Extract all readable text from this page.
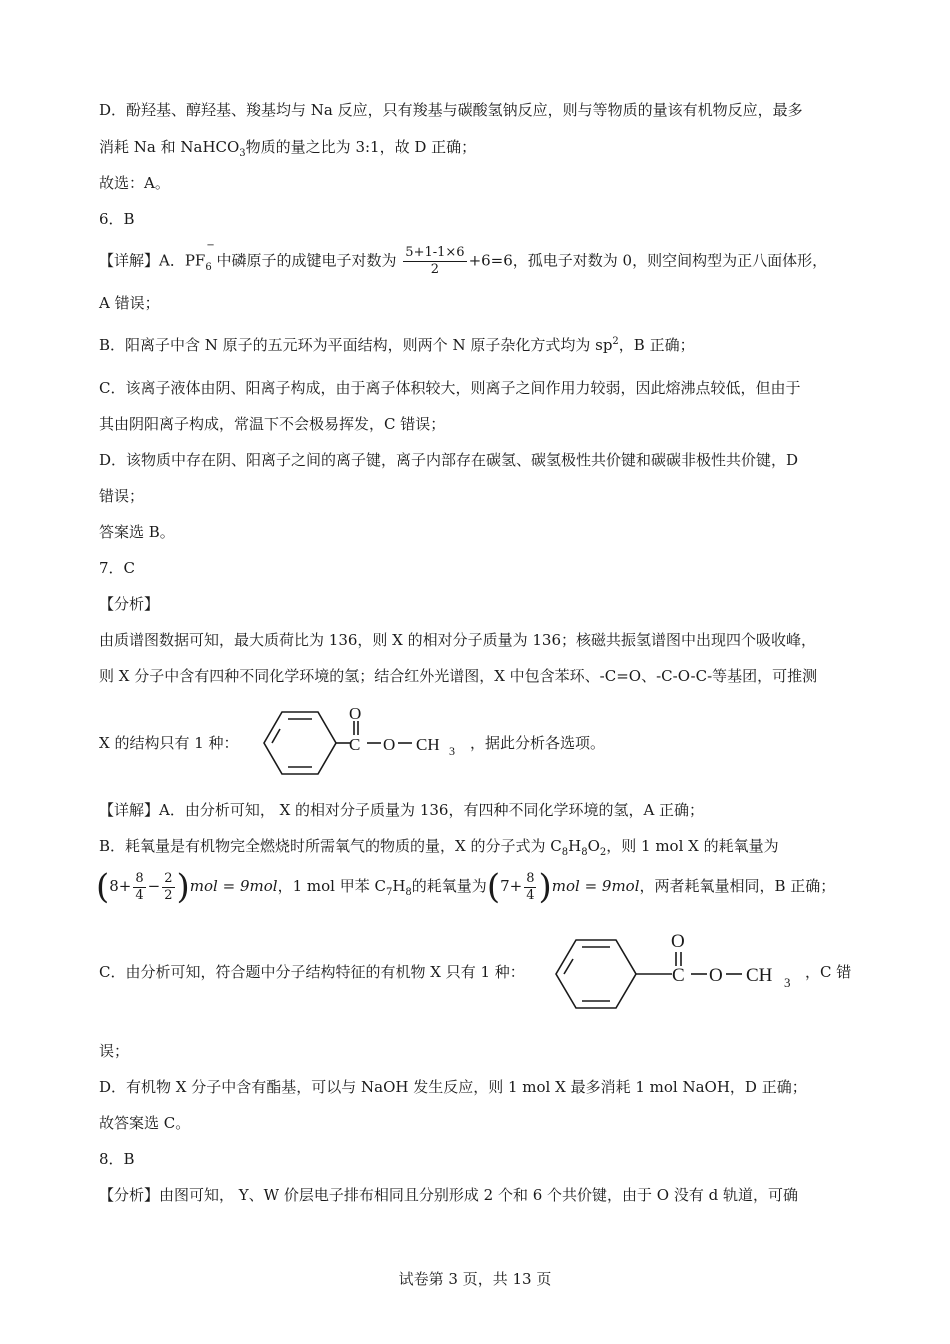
D．酚羟基、醇羟基、羧基均与 Na 反应，只有羧基与碳酸氢钠反应，则与等物质的量该有机物反应，最多
消耗 Na 和 NaHCO$_3$物质的量之比为 3:1，故 D 正确；
故选：A。
6．B
【详解】A．PF
−
$_6$ 中磷原子的成键电子对数为 $\frac{5+1-1\times 6}{2} +6=6$，孤电子对数为 0，则空间构型为正八面体形，
A 错误；
B．阳离子中含 N 原子的五元环为平面结构，则两个 N 原子杂化方式均为 $sp^2$，B 正确；
C．该离子液体由阴、阳离子构成，由于离子体积较大，则离子之间作用力较弱，因此熔沸点较低，但由于
其由阴阳离子构成，常温下不会极易挥发，C 错误；
D．该物质中存在阴、阳离子之间的离子键，离子内部存在碳氢、碳氢极性共价键和碳碳非极性共价键，D
错误；
答案选 B。
7．C
【分析】
由质谱图数据可知，最大质荷比为 136，则 X 的相对分子质量为 136；核磁共振氢谱图中出现四个吸收峰，
则 X 分子中含有四种不同化学环境的氢；结合红外光谱图，X 中包含苯环、-C=O、-C-O-C-等基团，可推测
X 的结构只有 1 种：
O
C O CH 3 ，据此分析各选项。
【详解】A．由分析可知， X 的相对分子质量为 136，有四种不同化学环境的氢，A 正确；
B．耗氧量是有机物完全燃烧时所需氧气的物质的量，X 的分子式为 $C_8H_8O_2$，则 1 mol X 的耗氧量为
$(8+ \frac{8}{4} - \frac{2}{2} )mol = 9mol$，1 mol 甲苯 $C_7H_8$的耗氧量为$(7+ \frac{8}{4} )mol = 9mol$，两者耗氧量相同，B 正确；
C．由分析可知，符合题中分子结构特征的有机物 X 只有 1 种：
O
C O CH 3
，C 错
误；
D．有机物 X 分子中含有酯基，可以与 NaOH 发生反应，则 1 mol X 最多消耗 1 mol NaOH，D 正确；
故答案选 C。
8．B
【分析】由图可知， Y、W 价层电子排布相同且分别形成 2 个和 6 个共价键，由于 O 没有 d 轨道，可确
试卷第 3 页，共 13 页
